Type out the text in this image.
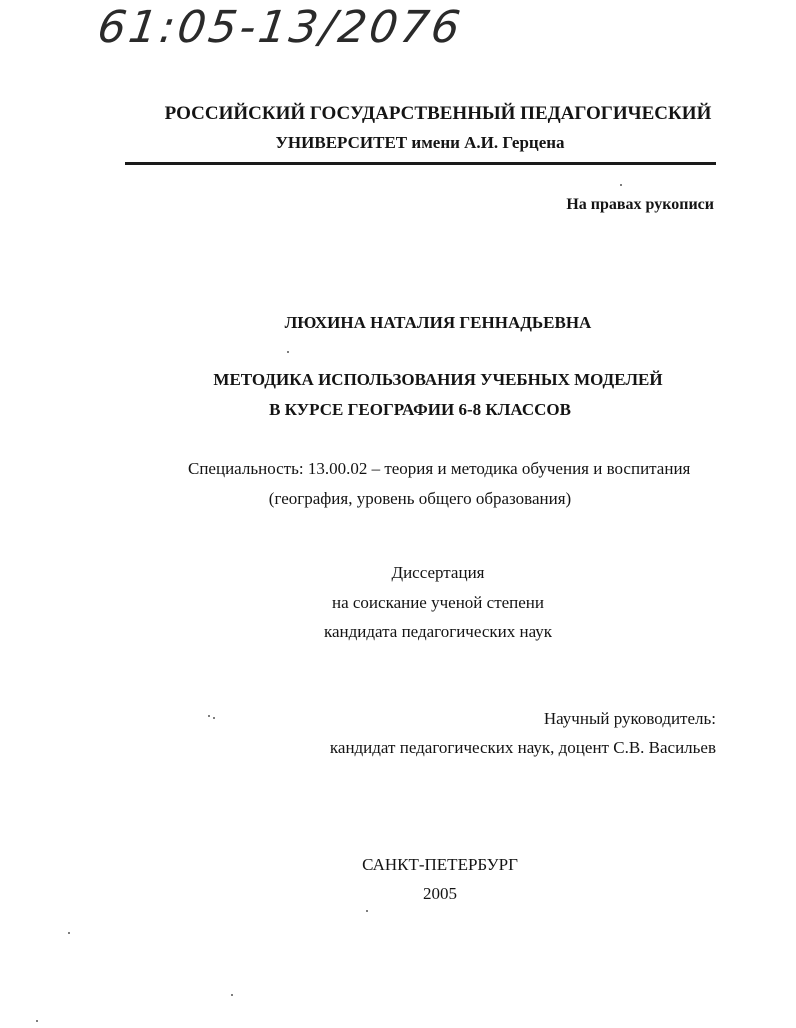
61:05-13/2076
РОССИЙСКИЙ ГОСУДАРСТВЕННЫЙ ПЕДАГОГИЧЕСКИЙ
УНИВЕРСИТЕТ имени А.И. Герцена
На правах рукописи
ЛЮХИНА НАТАЛИЯ ГЕННАДЬЕВНА
МЕТОДИКА ИСПОЛЬЗОВАНИЯ УЧЕБНЫХ МОДЕЛЕЙ
В КУРСЕ ГЕОГРАФИИ 6-8 КЛАССОВ
Специальность: 13.00.02 – теория и методика обучения и воспитания
(география, уровень общего образования)
Диссертация
на соискание ученой степени
кандидата педагогических наук
Научный руководитель:
кандидат педагогических наук, доцент С.В. Васильев
САНКТ-ПЕТЕРБУРГ
2005
